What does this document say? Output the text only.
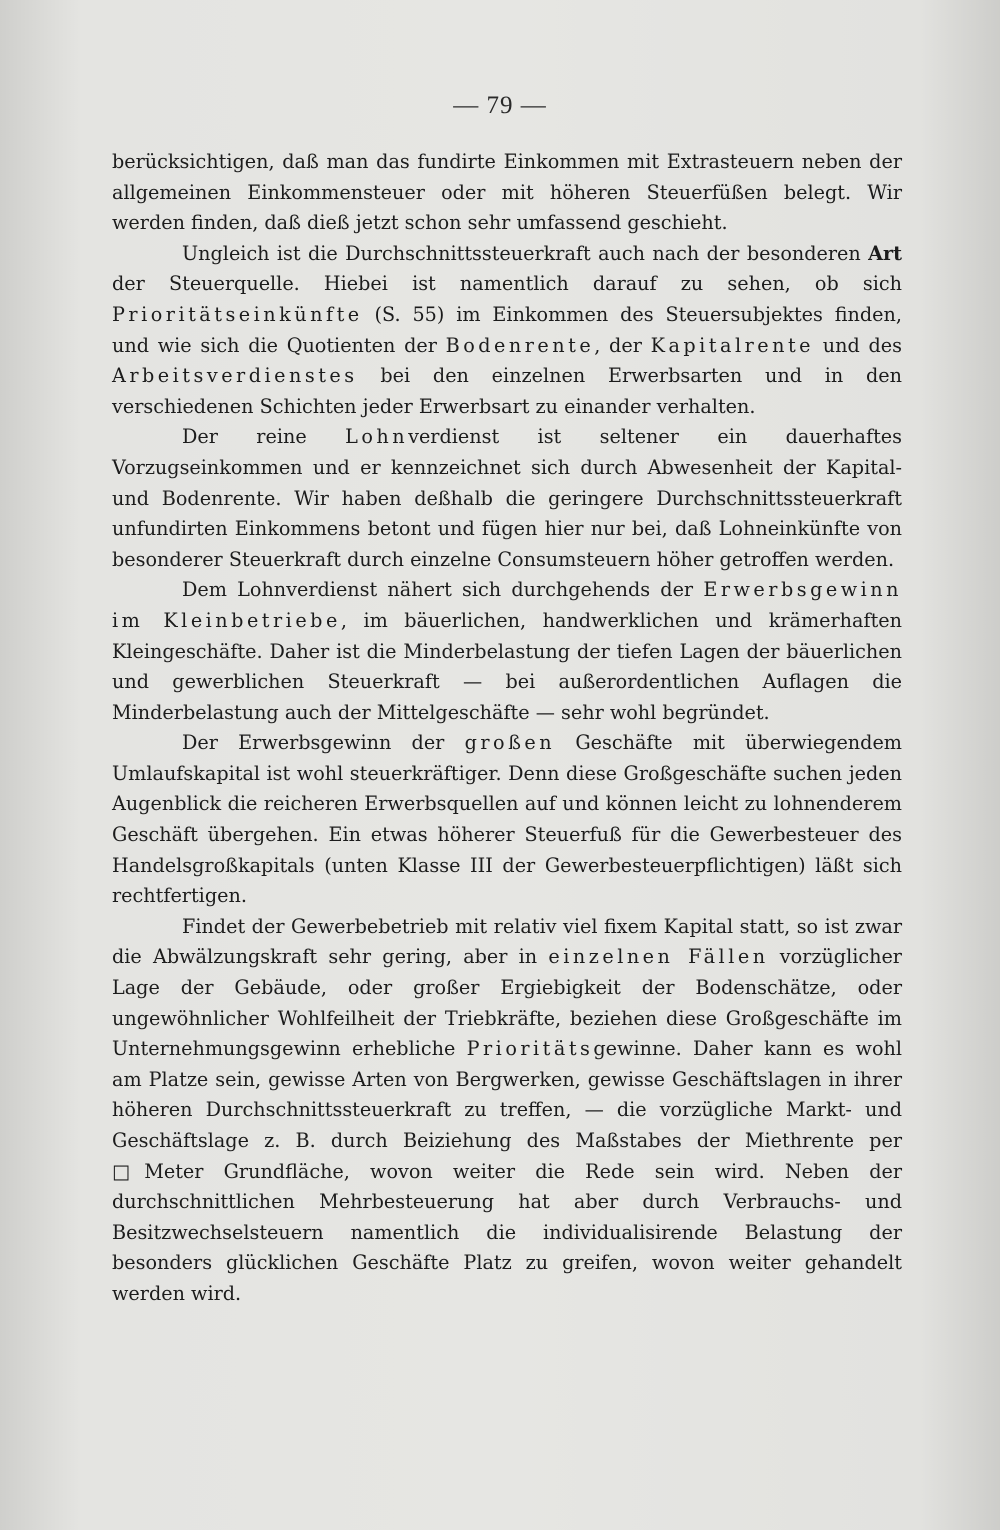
— 79 —

berücksichtigen, daß man das fundirte Einkommen mit Extrasteuern neben der allgemeinen Einkommensteuer oder mit höheren Steuerfüßen belegt. Wir werden finden, daß dieß jetzt schon sehr umfassend geschieht.

Ungleich ist die Durchschnittssteuerkraft auch nach der besonderen Art der Steuerquelle. Hiebei ist namentlich darauf zu sehen, ob sich Prioritätseinkünfte (S. 55) im Einkommen des Steuersubjektes finden, und wie sich die Quotienten der Bodenrente, der Kapitalrente und des Arbeitsverdienstes bei den einzelnen Erwerbsarten und in den verschiedenen Schichten jeder Erwerbsart zu einander verhalten.

Der reine Lohnverdienst ist seltener ein dauerhaftes Vorzugseinkommen und er kennzeichnet sich durch Abwesenheit der Kapital- und Bodenrente. Wir haben deßhalb die geringere Durchschnittssteuerkraft unfundirten Einkommens betont und fügen hier nur bei, daß Lohneinkünfte von besonderer Steuerkraft durch einzelne Consumsteuern höher getroffen werden.

Dem Lohnverdienst nähert sich durchgehends der Erwerbsgewinn im Kleinbetriebe, im bäuerlichen, handwerklichen und krämerhaften Kleingeschäfte. Daher ist die Minderbelastung der tiefen Lagen der bäuerlichen und gewerblichen Steuerkraft — bei außerordentlichen Auflagen die Minderbelastung auch der Mittelgeschäfte — sehr wohl begründet.

Der Erwerbsgewinn der großen Geschäfte mit überwiegendem Umlaufskapital ist wohl steuerkräftiger. Denn diese Großgeschäfte suchen jeden Augenblick die reicheren Erwerbsquellen auf und können leicht zu lohnenderem Geschäft übergehen. Ein etwas höherer Steuerfuß für die Gewerbesteuer des Handelsgroßkapitals (unten Klasse III der Gewerbesteuerpflichtigen) läßt sich rechtfertigen.

Findet der Gewerbebetrieb mit relativ viel fixem Kapital statt, so ist zwar die Abwälzungskraft sehr gering, aber in einzelnen Fällen vorzüglicher Lage der Gebäude, oder großer Ergiebigkeit der Bodenschätze, oder ungewöhnlicher Wohlfeilheit der Triebkräfte, beziehen diese Großgeschäfte im Unternehmungsgewinn erhebliche Prioritätsgewinne. Daher kann es wohl am Platze sein, gewisse Arten von Bergwerken, gewisse Geschäftslagen in ihrer höheren Durchschnittssteuerkraft zu treffen, — die vorzügliche Markt- und Geschäftslage z. B. durch Beiziehung des Maßstabes der Miethrente per □Meter Grundfläche, wovon weiter die Rede sein wird. Neben der durchschnittlichen Mehrbesteuerung hat aber durch Verbrauchs- und Besitzwechselsteuern namentlich die individualisirende Belastung der besonders glücklichen Geschäfte Platz zu greifen, wovon weiter gehandelt werden wird.
